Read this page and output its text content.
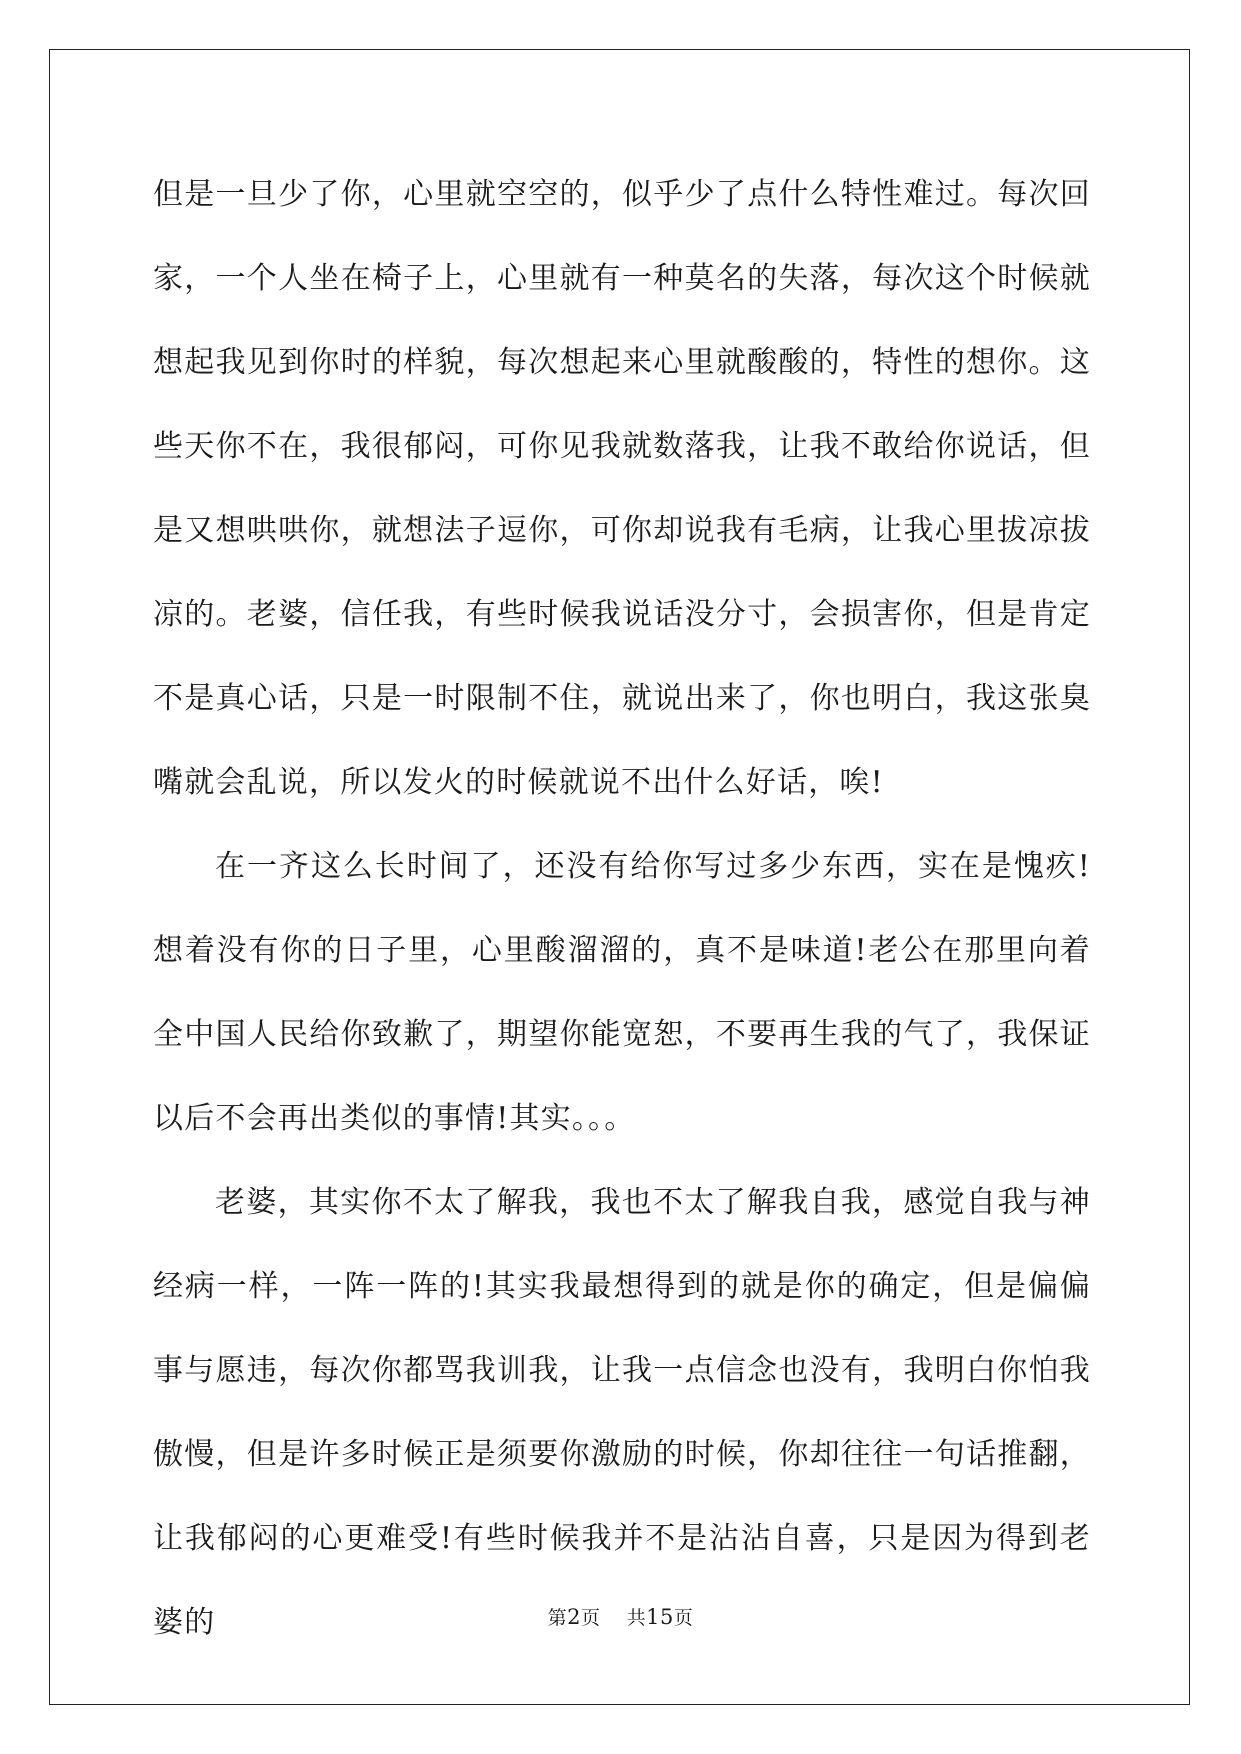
但是一旦少了你，心里就空空的，似乎少了点什么特性难过。每次回家，一个人坐在椅子上，心里就有一种莫名的失落，每次这个时候就想起我见到你时的样貌，每次想起来心里就酸酸的，特性的想你。这些天你不在，我很郁闷，可你见我就数落我，让我不敢给你说话，但是又想哄哄你，就想法子逗你，可你却说我有毛病，让我心里拔凉拔凉的。老婆，信任我，有些时候我说话没分寸，会损害你，但是肯定不是真心话，只是一时限制不住，就说出来了，你也明白，我这张臭嘴就会乱说，所以发火的时候就说不出什么好话，唉!

在一齐这么长时间了，还没有给你写过多少东西，实在是愧疚!想着没有你的日子里，心里酸溜溜的，真不是味道!老公在那里向着全中国人民给你致歉了，期望你能宽恕，不要再生我的气了，我保证以后不会再出类似的事情!其实。。。

老婆，其实你不太了解我，我也不太了解我自我，感觉自我与神经病一样，一阵一阵的!其实我最想得到的就是你的确定，但是偏偏事与愿违，每次你都骂我训我，让我一点信念也没有，我明白你怕我傲慢，但是许多时候正是须要你激励的时候，你却往往一句话推翻，让我郁闷的心更难受!有些时候我并不是沾沾自喜，只是因为得到老婆的	第2页 共15页
